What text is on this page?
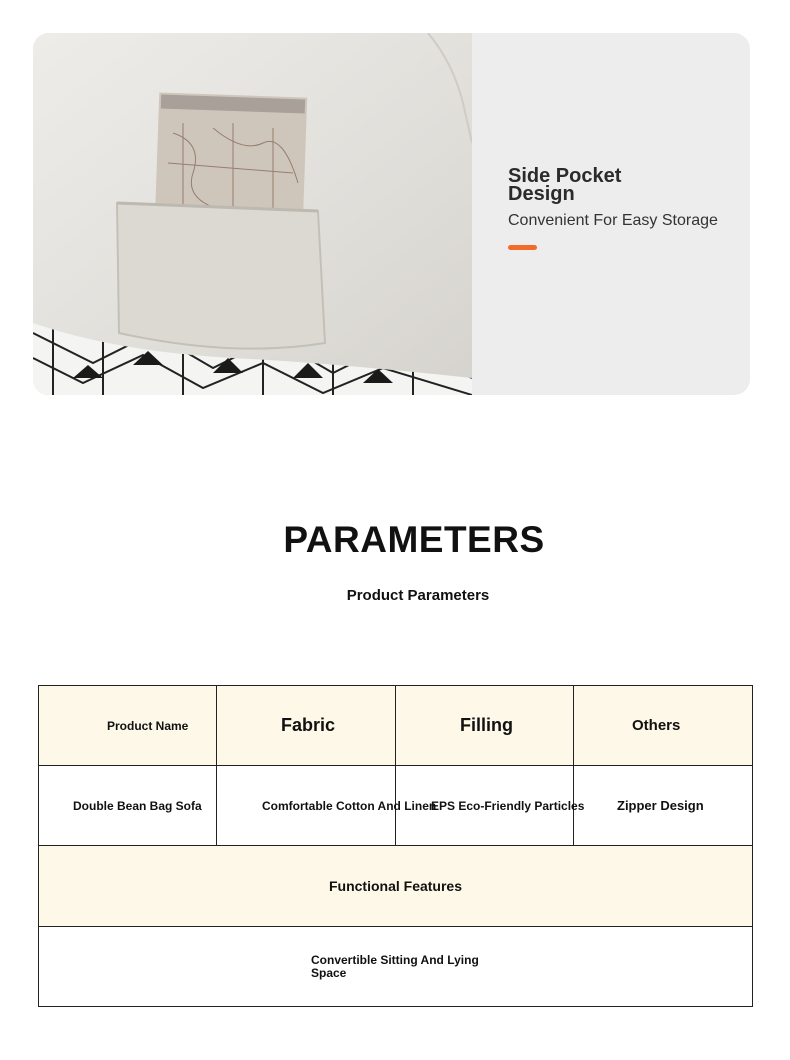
Side Pocket Design
Convenient For Easy Storage
PARAMETERS
Product Parameters
Product Name	Fabric	Filling	Others

Double Bean Bag Sofa	Comfortable Cotton And Linen	EPS Eco-Friendly Particles	Zipper Design
Functional Features			

Convertible Sitting And Lying Space			
